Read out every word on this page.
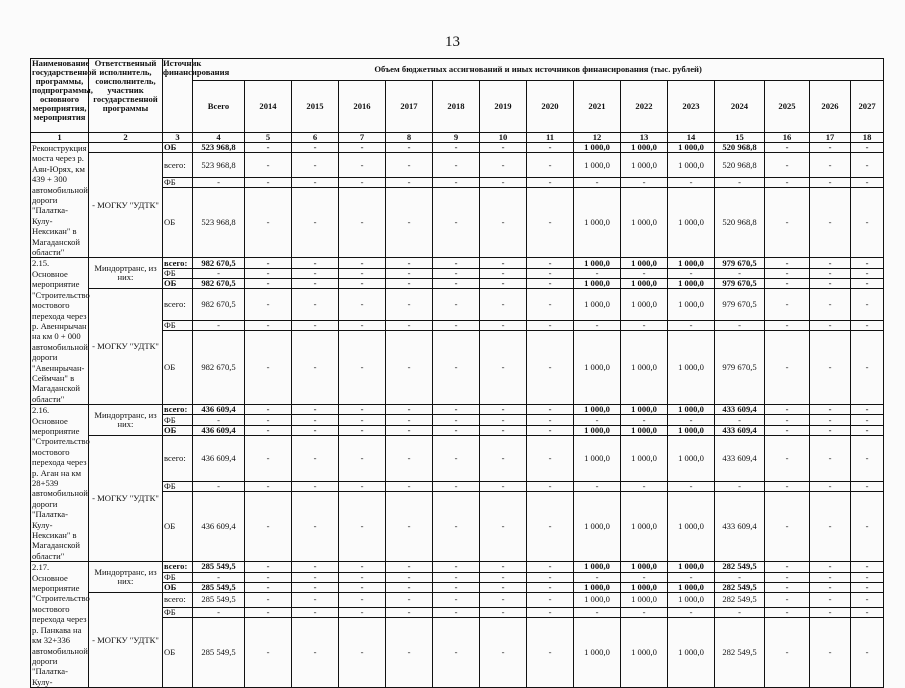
13
Наименование государственной программы, подпрограммы, основного мероприятия, мероприятия	Ответственный исполнитель, соисполнитель, участник государственной программы	Источник финансирования	Объем бюджетных ассигнований и иных источников финансирования (тыс. рублей)														
			Всего	2014	2015	2016	2017	2018	2019	2020	2021	2022	2023	2024	2025	2026	2027
1	2	3	4	5	6	7	8	9	10	11	12	13	14	15	16	17	18
Реконструкция моста через р. Аян-Юрях, км 439 + 300 автомобильной дороги "Палатка-Кулу-Нексикан" в Магаданской области"		ОБ	523 968,8	-	-	-	-	-	-	-	1 000,0	1 000,0	1 000,0	520 968,8	-	-	-
	- МОГКУ "УДТК"	всего:	523 968,8	-	-	-	-	-	-	-	1 000,0	1 000,0	1 000,0	520 968,8	-	-	-
		ФБ	-	-	-	-	-	-	-	-	-	-	-	-	-	-	-
		ОБ	523 968,8	-	-	-	-	-	-	-	1 000,0	1 000,0	1 000,0	520 968,8	-	-	-
2.15. Основное мероприятие "Строительство мостового перехода через р. Авеннрычан на км 0 + 000 автомобильной дороги "Авеннрычан-Сеймчан" в Магаданской области"	Миндортранс, из них:	всего:	982 670,5	-	-	-	-	-	-	-	1 000,0	1 000,0	1 000,0	979 670,5	-	-	-
		ФБ	-	-	-	-	-	-	-	-	-	-	-	-	-	-	-
		ОБ	982 670,5	-	-	-	-	-	-	-	1 000,0	1 000,0	1 000,0	979 670,5	-	-	-
	- МОГКУ "УДТК"	всего:	982 670,5	-	-	-	-	-	-	-	1 000,0	1 000,0	1 000,0	979 670,5	-	-	-
		ФБ	-	-	-	-	-	-	-	-	-	-	-	-	-	-	-
		ОБ	982 670,5	-	-	-	-	-	-	-	1 000,0	1 000,0	1 000,0	979 670,5	-	-	-
2.16. Основное мероприятие "Строительство мостового перехода через р. Аган на км 28+539 автомобильной дороги "Палатка-Кулу-Нексикан" в Магаданской области"	Миндортранс, из них:	всего:	436 609,4	-	-	-	-	-	-	-	1 000,0	1 000,0	1 000,0	433 609,4	-	-	-
		ФБ	-	-	-	-	-	-	-	-	-	-	-	-	-	-	-
		ОБ	436 609,4	-	-	-	-	-	-	-	1 000,0	1 000,0	1 000,0	433 609,4	-	-	-
	- МОГКУ "УДТК"	всего:	436 609,4	-	-	-	-	-	-	-	1 000,0	1 000,0	1 000,0	433 609,4	-	-	-
		ФБ	-	-	-	-	-	-	-	-	-	-	-	-	-	-	-
		ОБ	436 609,4	-	-	-	-	-	-	-	1 000,0	1 000,0	1 000,0	433 609,4	-	-	-
2.17. Основное мероприятие "Строительство мостового перехода через р. Панкава на км 32+336 автомобильной дороги "Палатка-Кулу-	Миндортранс, из них:	всего:	285 549,5	-	-	-	-	-	-	-	1 000,0	1 000,0	1 000,0	282 549,5	-	-	-
		ФБ	-	-	-	-	-	-	-	-	-	-	-	-	-	-	-
		ОБ	285 549,5	-	-	-	-	-	-	-	1 000,0	1 000,0	1 000,0	282 549,5	-	-	-
	- МОГКУ "УДТК"	всего:	285 549,5	-	-	-	-	-	-	-	1 000,0	1 000,0	1 000,0	282 549,5	-	-	-
		ФБ	-	-	-	-	-	-	-	-	-	-	-	-	-	-	-
		ОБ	285 549,5	-	-	-	-	-	-	-	1 000,0	1 000,0	1 000,0	282 549,5	-	-	-
